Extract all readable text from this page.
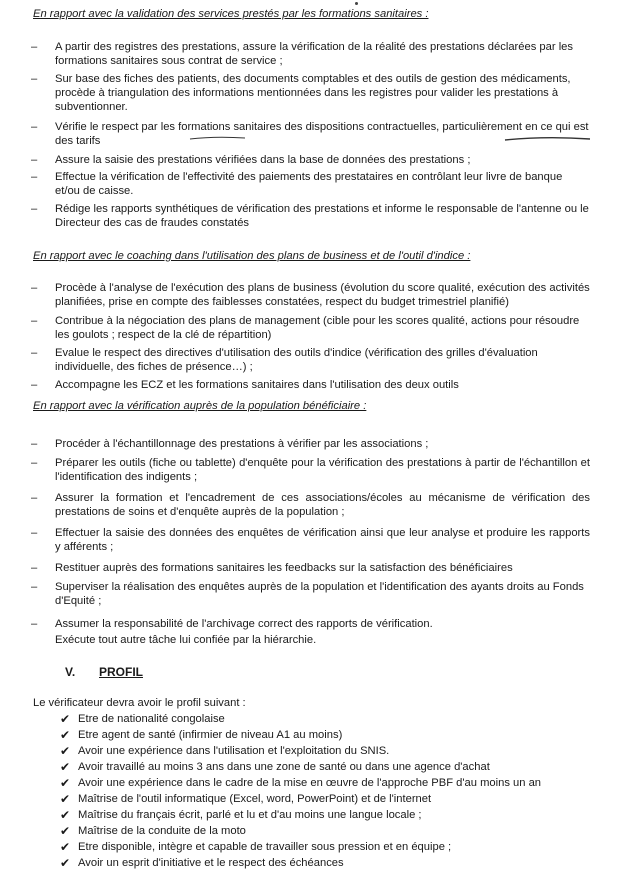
En rapport avec la validation des services prestés par les formations sanitaires :
–	A partir des registres des prestations, assure la vérification de la réalité des prestations déclarées par les formations sanitaires sous contrat de service ;
–	Sur base des fiches des patients, des documents comptables et des outils de gestion des médicaments, procède à triangulation des informations mentionnées dans les registres pour valider les prestations à subventionner.
–	Vérifie le respect par les formations sanitaires des dispositions contractuelles, particulièrement en ce qui est des tarifs
–	Assure la saisie des prestations vérifiées dans la base de données des prestations ;
–	Effectue la vérification de l'effectivité des paiements des prestataires en contrôlant leur livre de banque et/ou de caisse.
–	Rédige les rapports synthétiques de vérification des prestations et informe le responsable de l'antenne ou le Directeur des cas de fraudes constatés
En rapport avec le coaching dans l'utilisation des plans de business et de l'outil d'indice :
–	Procède à l'analyse de l'exécution des plans de business (évolution du score qualité, exécution des activités planifiées, prise en compte des faiblesses constatées, respect du budget trimestriel planifié)
–	Contribue à la négociation des plans de management (cible pour les scores qualité, actions pour résoudre les goulots ; respect de la clé de répartition)
–	Evalue le respect des directives d'utilisation des outils d'indice (vérification des grilles d'évaluation individuelle, des fiches de présence…) ;
–	Accompagne les ECZ et les formations sanitaires dans l'utilisation des deux outils
En rapport avec la vérification auprès de la population bénéficiaire :
–	Procéder à l'échantillonnage des prestations à vérifier par les associations ;
–	Préparer les outils (fiche ou tablette) d'enquête pour la vérification des prestations à partir de l'échantillon et l'identification des indigents ;
–	Assurer la formation et l'encadrement de ces associations/écoles au mécanisme de vérification des prestations de soins et d'enquête auprès de la population ;
–	Effectuer la saisie des données des enquêtes de vérification ainsi que leur analyse et produire les rapports y afférents ;
–	Restituer auprès des formations sanitaires les feedbacks sur la satisfaction des bénéficiaires
–	Superviser la réalisation des enquêtes auprès de la population et l'identification des ayants droits au Fonds d'Equité ;
–	Assumer la responsabilité de l'archivage correct des rapports de vérification.
Exécute tout autre tâche lui confiée par la hiérarchie.
V. PROFIL
Le vérificateur devra avoir le profil suivant :
✔ Etre de nationalité congolaise
✔ Etre agent de santé (infirmier de niveau A1 au moins)
✔ Avoir une expérience dans l'utilisation et l'exploitation du SNIS.
✔ Avoir travaillé au moins 3 ans dans une zone de santé ou dans une agence d'achat
✔ Avoir une expérience dans le cadre de la mise en œuvre de l'approche PBF d'au moins un an
✔ Maîtrise de l'outil informatique (Excel, word, PowerPoint) et de l'internet
✔ Maîtrise du français écrit, parlé et lu et d'au moins une langue locale ;
✔ Maîtrise de la conduite de la moto
✔ Etre disponible, intègre et capable de travailler sous pression et en équipe ;
✔ Avoir un esprit d'initiative et le respect des échéances
